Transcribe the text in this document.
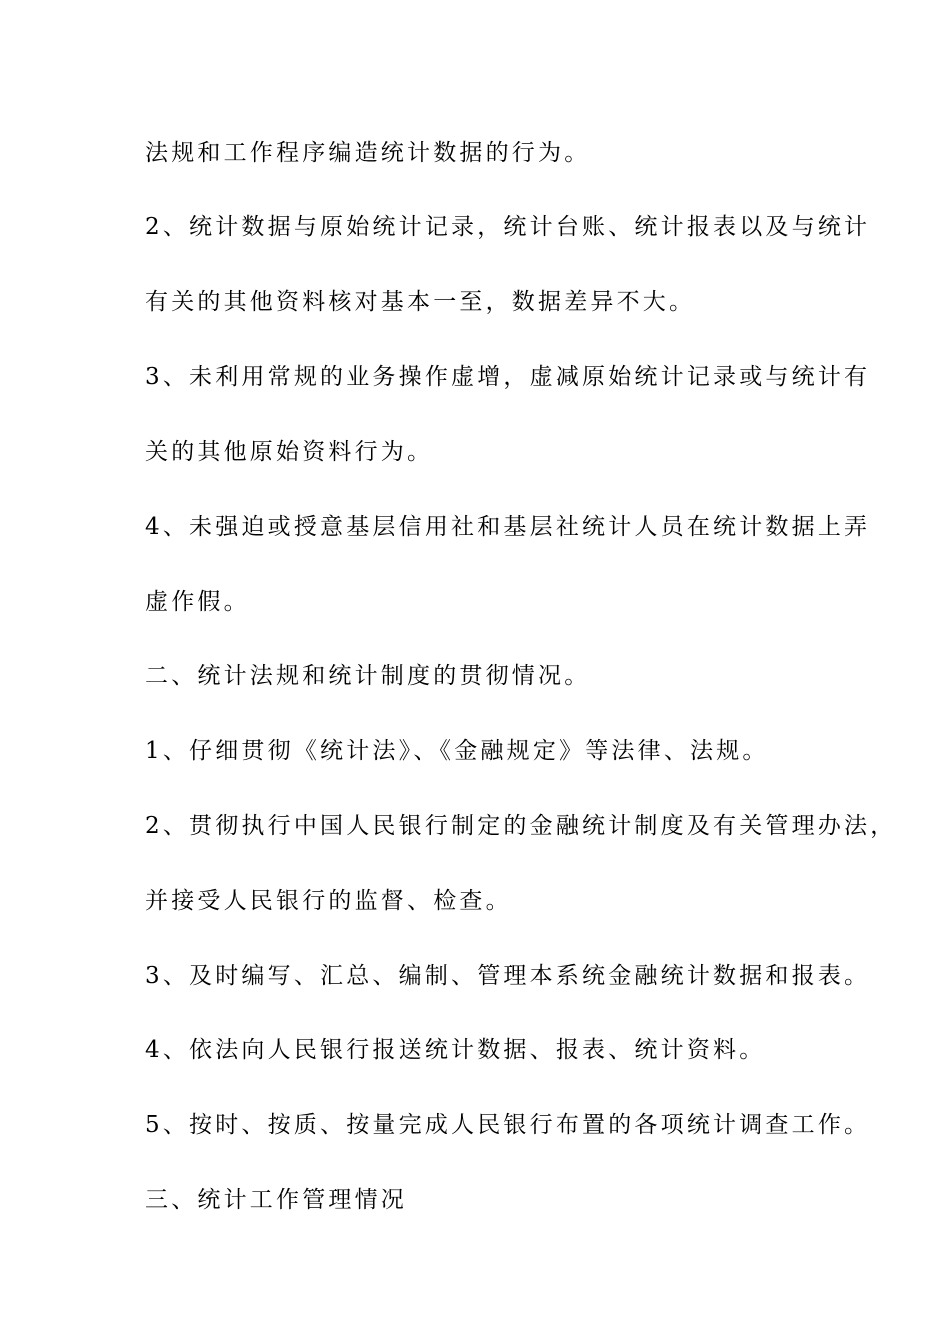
法规和工作程序编造统计数据的行为。
2、统计数据与原始统计记录，统计台账、统计报表以及与统计
有关的其他资料核对基本一至，数据差异不大。
3、未利用常规的业务操作虚增，虚减原始统计记录或与统计有
关的其他原始资料行为。
4、未强迫或授意基层信用社和基层社统计人员在统计数据上弄
虚作假。
二、统计法规和统计制度的贯彻情况。
1、仔细贯彻《统计法》、《金融规定》等法律、法规。
2、贯彻执行中国人民银行制定的金融统计制度及有关管理办法，
并接受人民银行的监督、检查。
3、及时编写、汇总、编制、管理本系统金融统计数据和报表。
4、依法向人民银行报送统计数据、报表、统计资料。
5、按时、按质、按量完成人民银行布置的各项统计调查工作。
三、统计工作管理情况
